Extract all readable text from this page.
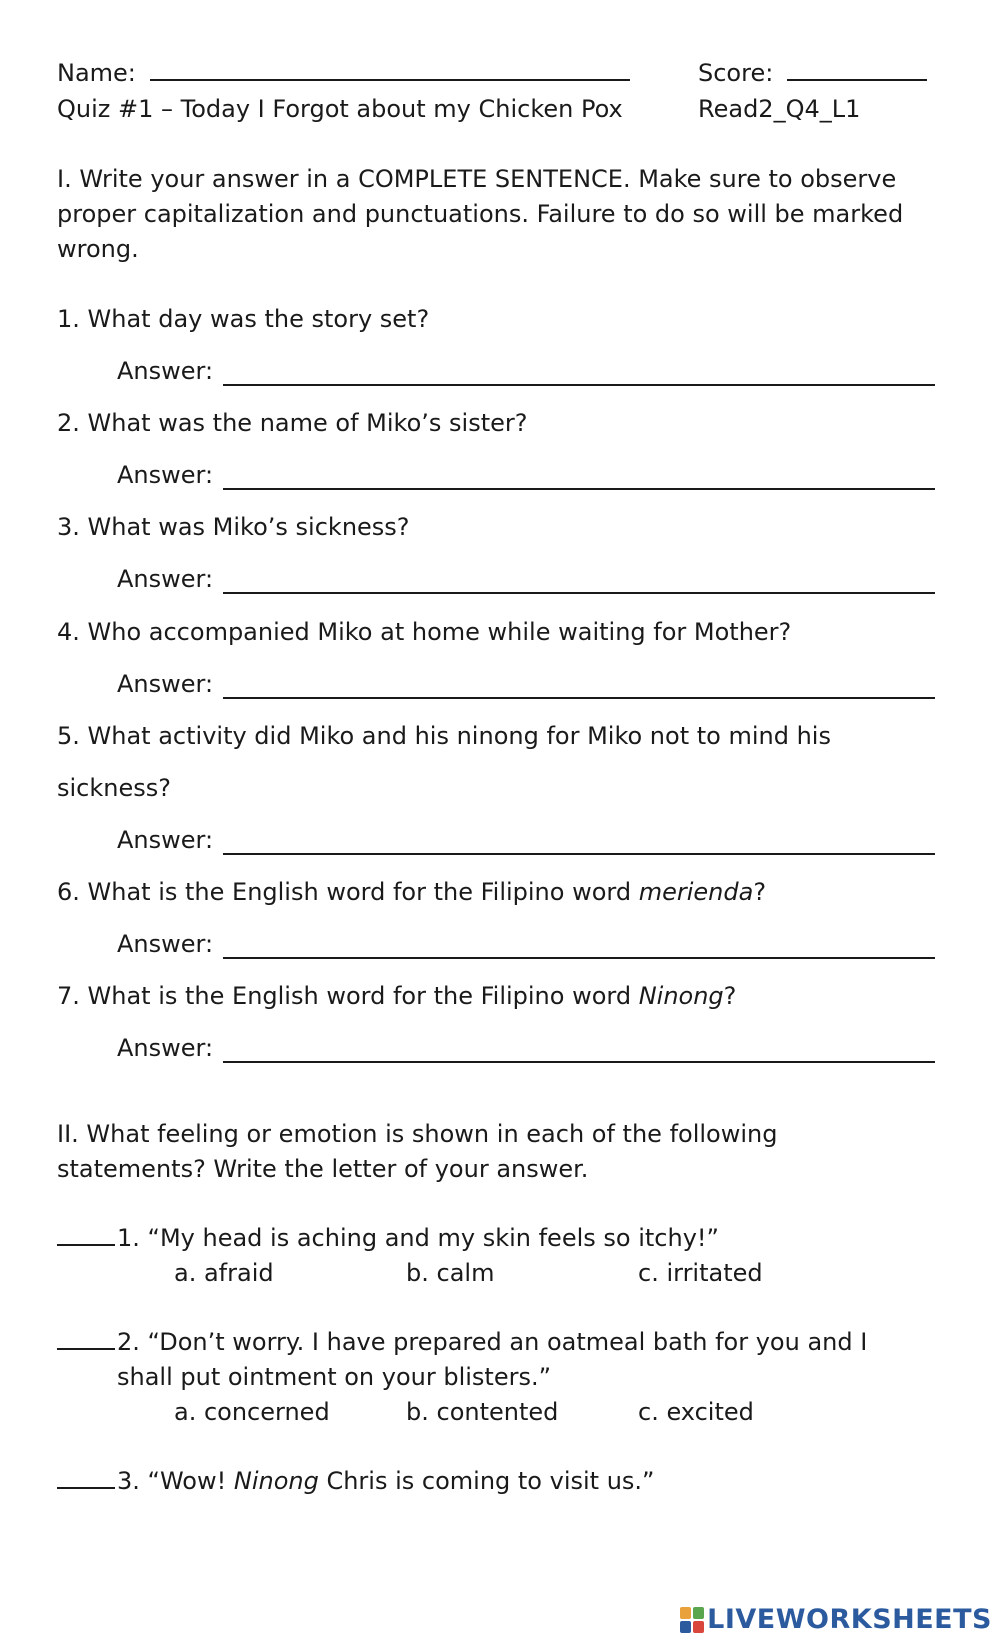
Name:	Score:
Quiz #1 – Today I Forgot about my Chicken Pox	Read2_Q4_L1
I. Write your answer in a COMPLETE SENTENCE. Make sure to observe
proper capitalization and punctuations. Failure to do so will be marked
wrong.
1. What day was the story set?
Answer:
2. What was the name of Miko’s sister?
Answer:
3. What was Miko’s sickness?
Answer:
4. Who accompanied Miko at home while waiting for Mother?
Answer:
5. What activity did Miko and his ninong for Miko not to mind his
sickness?
Answer:
6. What is the English word for the Filipino word merienda?
Answer:
7. What is the English word for the Filipino word Ninong?
Answer:
II. What feeling or emotion is shown in each of the following
statements? Write the letter of your answer.
1. “My head is aching and my skin feels so itchy!”
a. afraid	b. calm	c. irritated
2. “Don’t worry. I have prepared an oatmeal bath for you and I
shall put ointment on your blisters.”
a. concerned	b. contented	c. excited
3. “Wow! Ninong Chris is coming to visit us.”
LIVEWORKSHEETS
